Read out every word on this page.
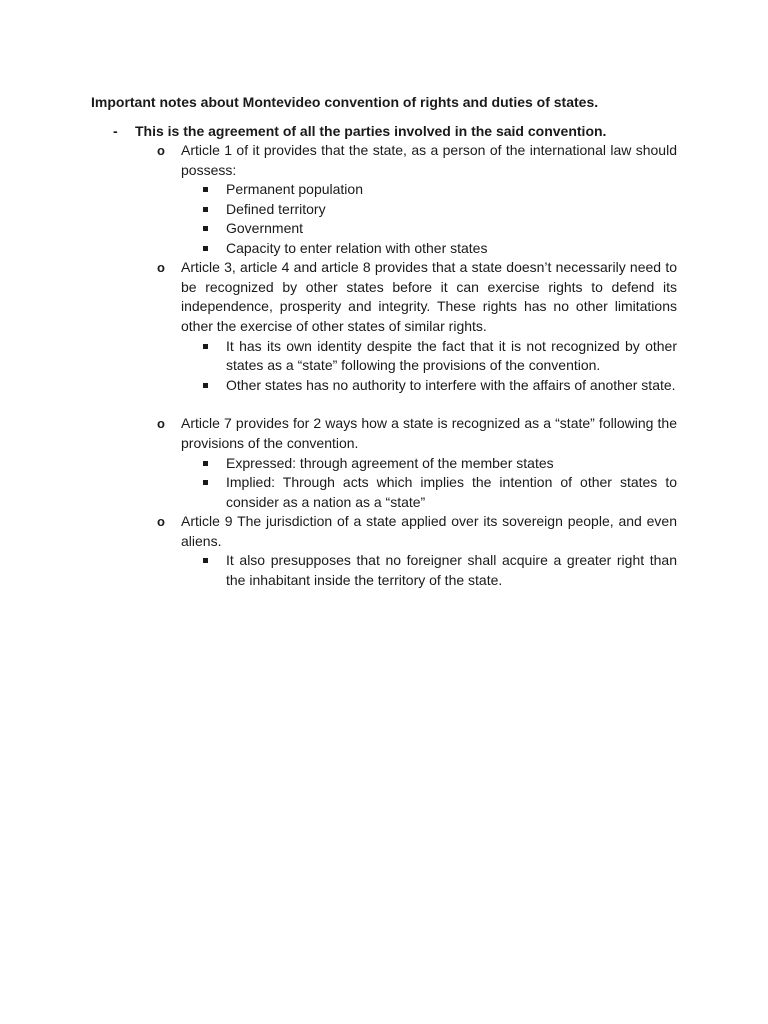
Important notes about Montevideo convention of rights and duties of states.
- This is the agreement of all the parties involved in the said convention.
o Article 1 of it provides that the state, as a person of the international law should possess:
Permanent population
Defined territory
Government
Capacity to enter relation with other states
o Article 3, article 4 and article 8 provides that a state doesn’t necessarily need to be recognized by other states before it can exercise rights to defend its independence, prosperity and integrity. These rights has no other limitations other the exercise of other states of similar rights.
It has its own identity despite the fact that it is not recognized by other states as a “state” following the provisions of the convention.
Other states has no authority to interfere with the affairs of another state.
o Article 7 provides for 2 ways how a state is recognized as a “state” following the provisions of the convention.
Expressed: through agreement of the member states
Implied: Through acts which implies the intention of other states to consider as a nation as a “state”
o Article 9 The jurisdiction of a state applied over its sovereign people, and even aliens.
It also presupposes that no foreigner shall acquire a greater right than the inhabitant inside the territory of the state.
